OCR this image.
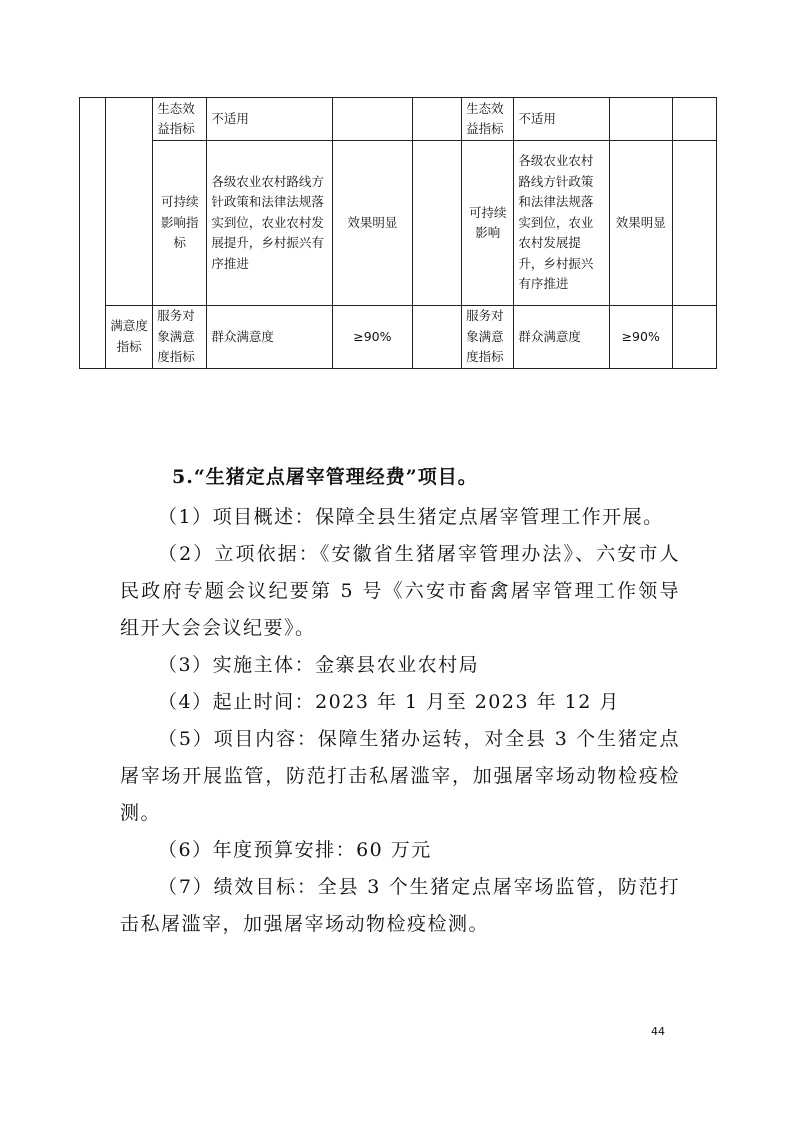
		生态效益指标	不适用			生态效益指标	不适用		
		可持续影响指标	各级农业农村路线方针政策和法律法规落实到位，农业农村发展提升，乡村振兴有序推进	效果明显		可持续影响	各级农业农村路线方针政策和法律法规落实到位，农业农村发展提升，乡村振兴有序推进	效果明显	
	满意度指标	服务对象满意度指标	群众满意度	≥90%		服务对象满意度指标	群众满意度	≥90%	
5.“生猪定点屠宰管理经费”项目。

（1）项目概述：保障全县生猪定点屠宰管理工作开展。

（2）立项依据：《安徽省生猪屠宰管理办法》、六安市人民政府专题会议纪要第 5 号《六安市畜禽屠宰管理工作领导组开大会会议纪要》。

（3）实施主体：金寨县农业农村局

（4）起止时间：2023 年 1 月至 2023 年 12 月

（5）项目内容：保障生猪办运转，对全县 3 个生猪定点屠宰场开展监管，防范打击私屠滥宰，加强屠宰场动物检疫检测。

（6）年度预算安排：60 万元

（7）绩效目标：全县 3 个生猪定点屠宰场监管，防范打击私屠滥宰，加强屠宰场动物检疫检测。

44
